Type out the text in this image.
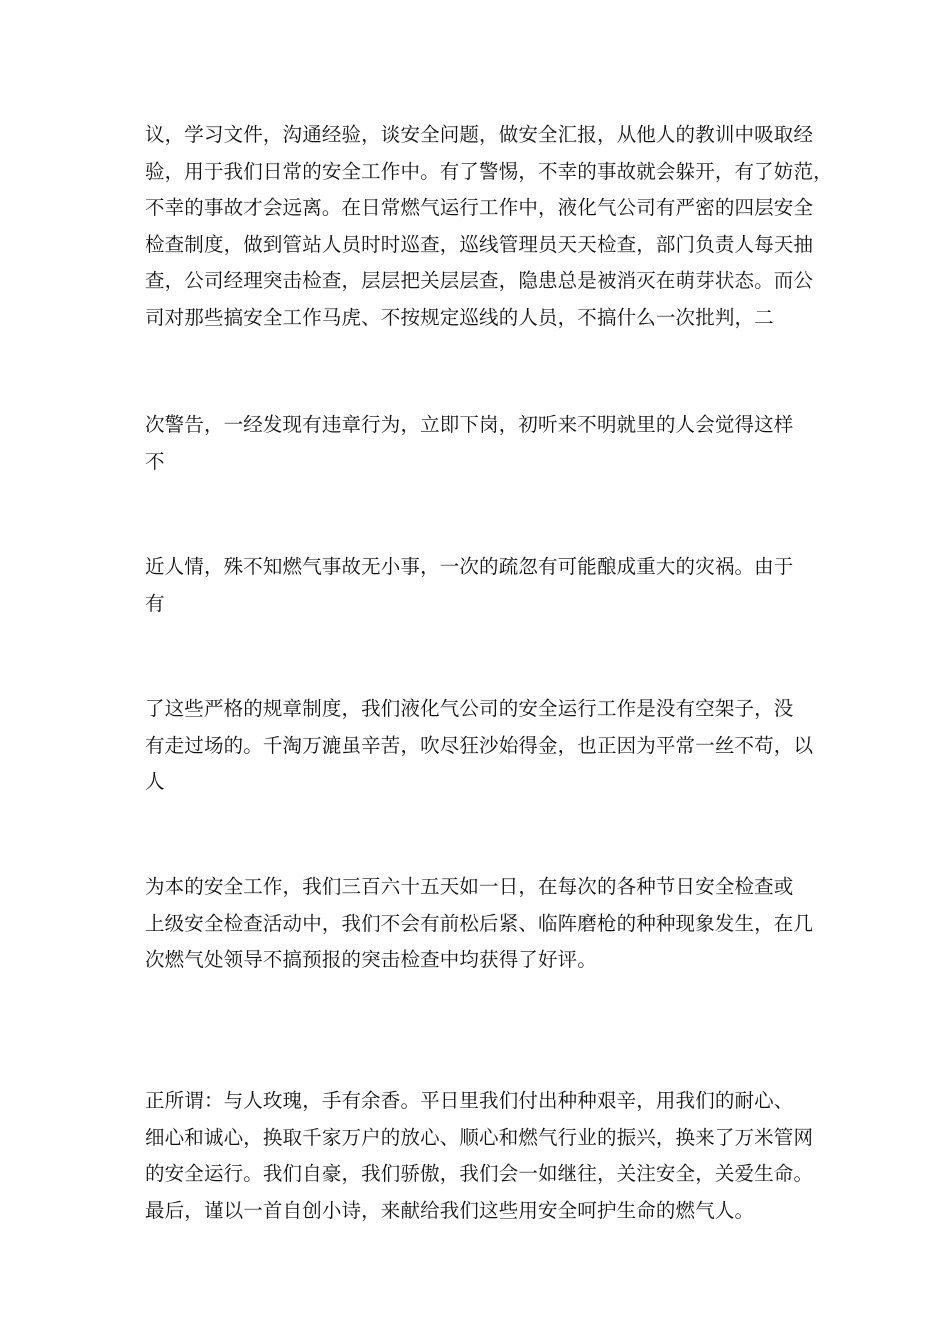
议，学习文件，沟通经验，谈安全问题，做安全汇报，从他人的教训中吸取经
验，用于我们日常的安全工作中。有了警惕，不幸的事故就会躲开，有了妨范，
不幸的事故才会远离。在日常燃气运行工作中，液化气公司有严密的四层安全
检查制度，做到管站人员时时巡查，巡线管理员天天检查，部门负责人每天抽
查，公司经理突击检查，层层把关层层查，隐患总是被消灭在萌芽状态。而公
司对那些搞安全工作马虎、不按规定巡线的人员，不搞什么一次批判，二

次警告，一经发现有违章行为，立即下岗，初听来不明就里的人会觉得这样
不

近人情，殊不知燃气事故无小事，一次的疏忽有可能酿成重大的灾祸。由于
有

了这些严格的规章制度，我们液化气公司的安全运行工作是没有空架子，没
有走过场的。千淘万漉虽辛苦，吹尽狂沙始得金，也正因为平常一丝不苟，以
人

为本的安全工作，我们三百六十五天如一日，在每次的各种节日安全检查或
上级安全检查活动中，我们不会有前松后紧、临阵磨枪的种种现象发生，在几
次燃气处领导不搞预报的突击检查中均获得了好评。

正所谓：与人玫瑰，手有余香。平日里我们付出种种艰辛，用我们的耐心、
细心和诚心，换取千家万户的放心、顺心和燃气行业的振兴，换来了万米管网
的安全运行。我们自豪，我们骄傲，我们会一如继往，关注安全，关爱生命。
最后，谨以一首自创小诗，来献给我们这些用安全呵护生命的燃气人。
